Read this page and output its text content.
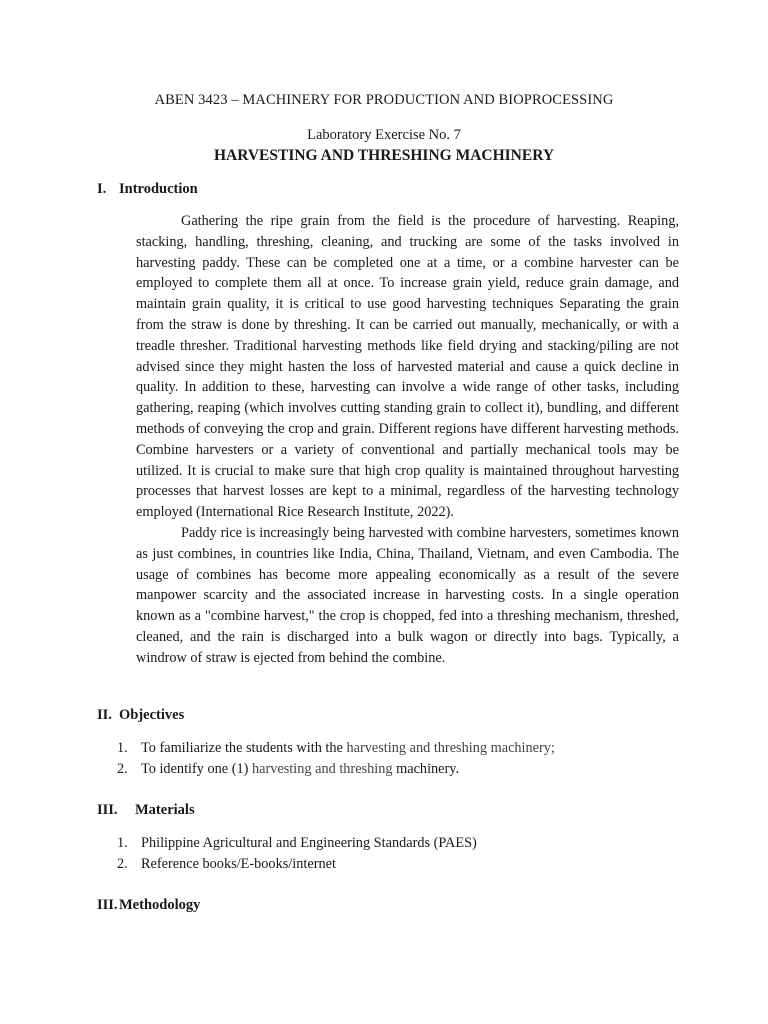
ABEN 3423 – MACHINERY FOR PRODUCTION AND BIOPROCESSING
Laboratory Exercise No. 7
HARVESTING AND THRESHING MACHINERY
I. Introduction

Gathering the ripe grain from the field is the procedure of harvesting. Reaping, stacking, handling, threshing, cleaning, and trucking are some of the tasks involved in harvesting paddy. These can be completed one at a time, or a combine harvester can be employed to complete them all at once. To increase grain yield, reduce grain damage, and maintain grain quality, it is critical to use good harvesting techniques Separating the grain from the straw is done by threshing. It can be carried out manually, mechanically, or with a treadle thresher. Traditional harvesting methods like field drying and stacking/piling are not advised since they might hasten the loss of harvested material and cause a quick decline in quality. In addition to these, harvesting can involve a wide range of other tasks, including gathering, reaping (which involves cutting standing grain to collect it), bundling, and different methods of conveying the crop and grain. Different regions have different harvesting methods. Combine harvesters or a variety of conventional and partially mechanical tools may be utilized. It is crucial to make sure that high crop quality is maintained throughout harvesting processes that harvest losses are kept to a minimal, regardless of the harvesting technology employed (International Rice Research Institute, 2022).

Paddy rice is increasingly being harvested with combine harvesters, sometimes known as just combines, in countries like India, China, Thailand, Vietnam, and even Cambodia. The usage of combines has become more appealing economically as a result of the severe manpower scarcity and the associated increase in harvesting costs. In a single operation known as a "combine harvest," the crop is chopped, fed into a threshing mechanism, threshed, cleaned, and the rain is discharged into a bulk wagon or directly into bags. Typically, a windrow of straw is ejected from behind the combine.

II. Objectives
1. To familiarize the students with the harvesting and threshing machinery;
2. To identify one (1) harvesting and threshing machinery.
III. Materials
1. Philippine Agricultural and Engineering Standards (PAES)
2. Reference books/E-books/internet
III.Methodology
